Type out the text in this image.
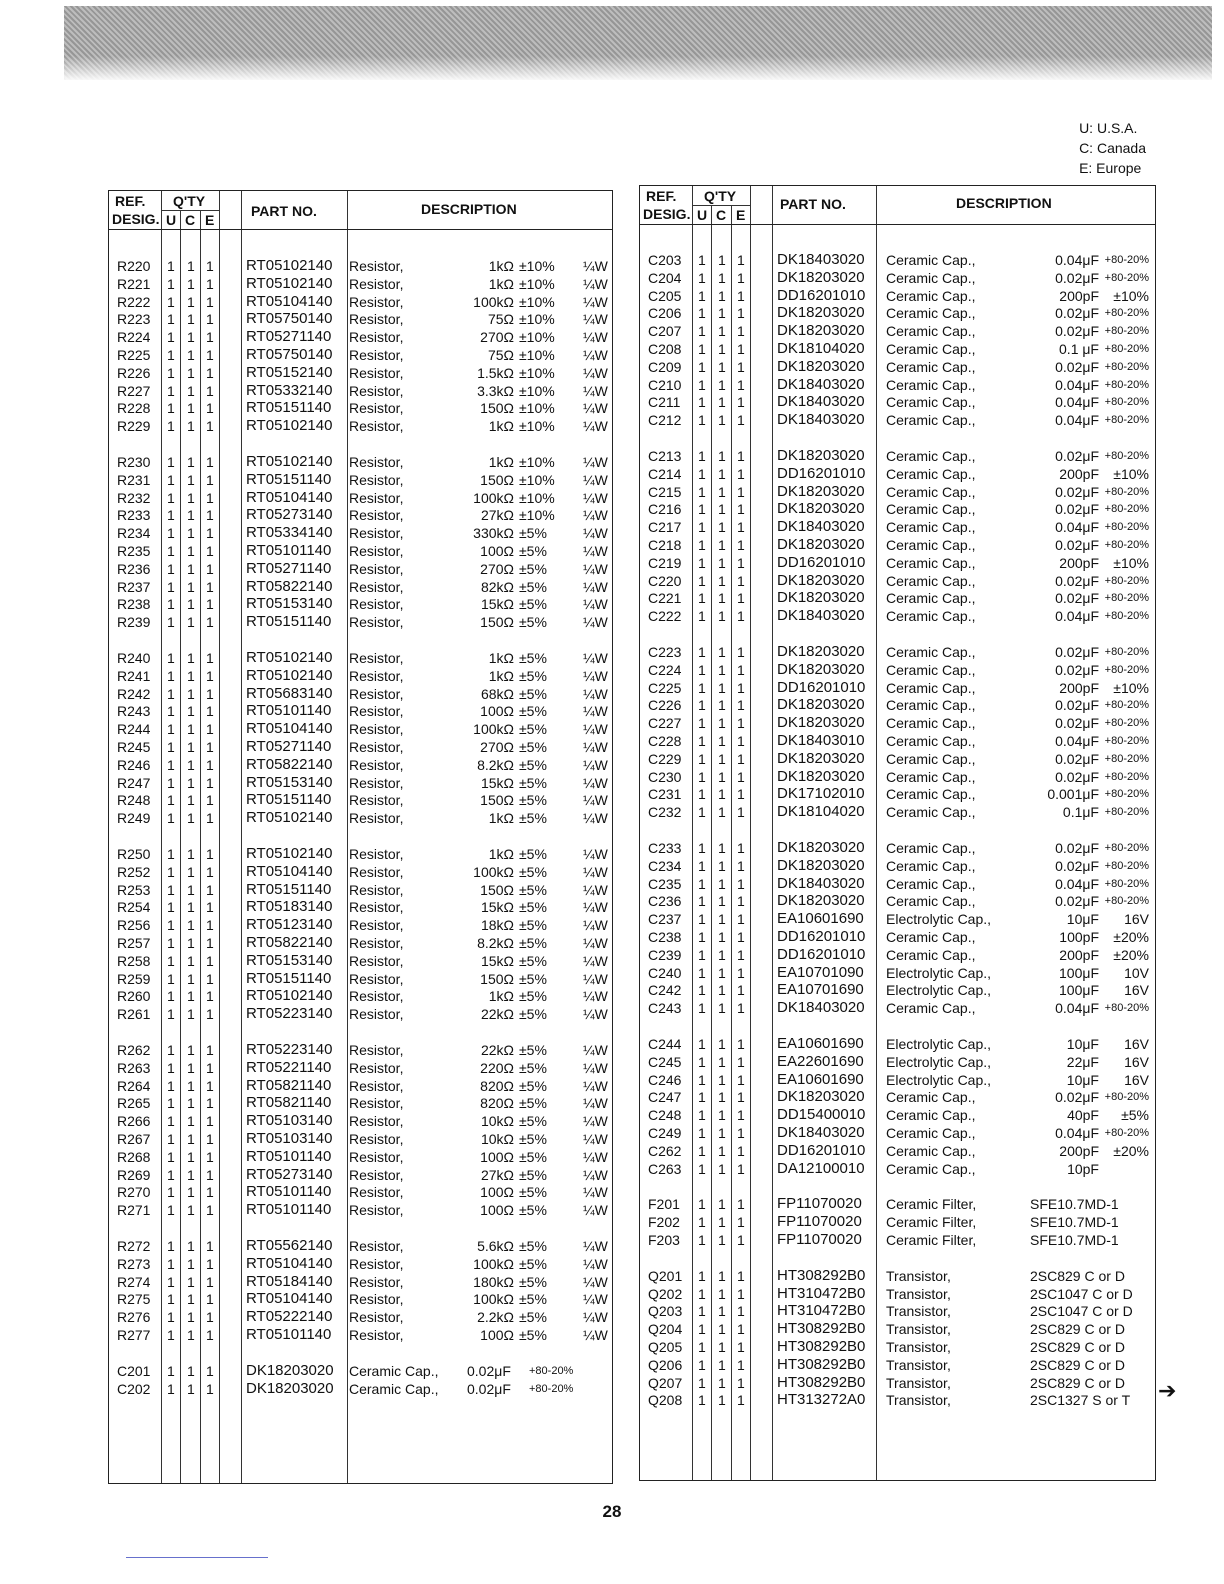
U: U.S.A.
C: Canada
E: Europe
REF.
DESIG.
Q'TY
U C E
PART NO.	DESCRIPTION
R220 1 1 1 RT05102140 Resistor,	1kΩ ±10% ¼W
R221 1 1 1 RT05102140 Resistor,	1kΩ ±10% ¼W
R222 1 1 1 RT05104140 Resistor,	100kΩ ±10% ¼W
R223 1 1 1 RT05750140 Resistor,	75Ω ±10% ¼W
R224 1 1 1 RT05271140 Resistor,	270Ω ±10% ¼W
R225 1 1 1 RT05750140 Resistor,	75Ω ±10% ¼W
R226 1 1 1 RT05152140 Resistor,	1.5kΩ ±10% ¼W
R227 1 1 1 RT05332140 Resistor,	3.3kΩ ±10% ¼W
R228 1 1 1 RT05151140 Resistor,	150Ω ±10% ¼W
R229 1 1 1 RT05102140 Resistor,	1kΩ ±10% ¼W
R230 1 1 1 RT05102140 Resistor,	1kΩ ±10% ¼W
R231 1 1 1 RT05151140 Resistor,	150Ω ±10% ¼W
R232 1 1 1 RT05104140 Resistor,	100kΩ ±10% ¼W
R233 1 1 1 RT05273140 Resistor,	27kΩ ±10% ¼W
R234 1 1 1 RT05334140 Resistor,	330kΩ ±5%	¼W
R235 1 1 1 RT05101140 Resistor,	100Ω ±5%	¼W
R236 1 1 1 RT05271140 Resistor,	270Ω ±5%	¼W
R237 1 1 1 RT05822140 Resistor,	82kΩ ±5%	¼W
R238 1 1 1 RT05153140 Resistor,	15kΩ ±5%	¼W
R239 1 1 1 RT05151140 Resistor,	150Ω ±5%	¼W
R240 1 1 1 RT05102140 Resistor,	1kΩ ±5%	¼W
R241 1 1 1 RT05102140 Resistor,	1kΩ ±5%	¼W
R242 1 1 1 RT05683140 Resistor,	68kΩ ±5%	¼W
R243 1 1 1 RT05101140 Resistor,	100Ω ±5%	¼W
R244 1 1 1 RT05104140 Resistor,	100kΩ ±5%	¼W
R245 1 1 1 RT05271140 Resistor,	270Ω ±5%	¼W
R246 1 1 1 RT05822140 Resistor,	8.2kΩ ±5%	¼W
R247 1 1 1 RT05153140 Resistor,	15kΩ ±5%	¼W
R248 1 1 1 RT05151140 Resistor,	150Ω ±5%	¼W
R249 1 1 1 RT05102140 Resistor,	1kΩ ±5%	¼W
R250 1 1 1 RT05102140 Resistor,	1kΩ ±5%	¼W
R252 1 1 1 RT05104140 Resistor,	100kΩ ±5%	¼W
R253 1 1 1 RT05151140 Resistor,	150Ω ±5%	¼W
R254 1 1 1 RT05183140 Resistor,	15kΩ ±5%	¼W
R256 1 1 1 RT05123140 Resistor,	18kΩ ±5%	¼W
R257 1 1 1 RT05822140 Resistor,	8.2kΩ ±5%	¼W
R258 1 1 1 RT05153140 Resistor,	15kΩ ±5%	¼W
R259 1 1 1 RT05151140 Resistor,	150Ω ±5%	¼W
R260 1 1 1 RT05102140 Resistor,	1kΩ ±5%	¼W
R261 1 1 1 RT05223140 Resistor,	22kΩ ±5%	¼W
R262 1 1 1 RT05223140 Resistor,	22kΩ ±5%	¼W
R263 1 1 1 RT05221140 Resistor,	220Ω ±5%	¼W
R264 1 1 1 RT05821140 Resistor,	820Ω ±5%	¼W
R265 1 1 1 RT05821140 Resistor,	820Ω ±5%	¼W
R266 1 1 1 RT05103140 Resistor,	10kΩ ±5%	¼W
R267 1 1 1 RT05103140 Resistor,	10kΩ ±5%	¼W
R268 1 1 1 RT05101140 Resistor,	100Ω ±5%	¼W
R269 1 1 1 RT05273140 Resistor,	27kΩ ±5%	¼W
R270 1 1 1 RT05101140 Resistor,	100Ω ±5%	¼W
R271 1 1 1 RT05101140 Resistor,	100Ω ±5%	¼W
R272 1 1 1 RT05562140 Resistor,	5.6kΩ ±5%	¼W
R273 1 1 1 RT05104140 Resistor,	100kΩ ±5%	¼W
R274 1 1 1 RT05184140 Resistor,	180kΩ ±5%	¼W
R275 1 1 1 RT05104140 Resistor,	100kΩ ±5%	¼W
R276 1 1 1 RT05222140 Resistor,	2.2kΩ ±5%	¼W
R277 1 1 1 RT05101140 Resistor,	100Ω ±5%	¼W
C201 1 1 1 DK18203020 Ceramic Cap., 0.02μF +80-20%
C202 1 1 1 DK18203020 Ceramic Cap., 0.02μF +80-20%
REF.
DESIG.
Q'TY
U C E
PART NO.	DESCRIPTION
C203 1 1 1 DK18403020 Ceramic Cap.,	0.04μF +80-20%
C204 1 1 1 DK18203020 Ceramic Cap.,	0.02μF +80-20%
C205 1 1 1 DD16201010 Ceramic Cap.,	200pF ±10%
C206 1 1 1 DK18203020 Ceramic Cap.,	0.02μF +80-20%
C207 1 1 1 DK18203020 Ceramic Cap.,	0.02μF +80-20%
C208 1 1 1 DK18104020 Ceramic Cap.,	0.1 μF +80-20%
C209 1 1 1 DK18203020 Ceramic Cap.,	0.02μF +80-20%
C210 1 1 1 DK18403020 Ceramic Cap.,	0.04μF +80-20%
C211 1 1 1 DK18403020 Ceramic Cap.,	0.04μF +80-20%
C212 1 1 1 DK18403020 Ceramic Cap.,	0.04μF +80-20%
C213 1 1 1 DK18203020 Ceramic Cap.,	0.02μF +80-20%
C214 1 1 1 DD16201010 Ceramic Cap.,	200pF ±10%
C215 1 1 1 DK18203020 Ceramic Cap.,	0.02μF +80-20%
C216 1 1 1 DK18203020 Ceramic Cap.,	0.02μF +80-20%
C217 1 1 1 DK18403020 Ceramic Cap.,	0.04μF +80-20%
C218 1 1 1 DK18203020 Ceramic Cap.,	0.02μF +80-20%
C219 1 1 1 DD16201010 Ceramic Cap.,	200pF ±10%
C220 1 1 1 DK18203020 Ceramic Cap.,	0.02μF +80-20%
C221 1 1 1 DK18203020 Ceramic Cap.,	0.02μF +80-20%
C222 1 1 1 DK18403020 Ceramic Cap.,	0.04μF +80-20%
C223 1 1 1 DK18203020 Ceramic Cap.,	0.02μF +80-20%
C224 1 1 1 DK18203020 Ceramic Cap.,	0.02μF +80-20%
C225 1 1 1 DD16201010 Ceramic Cap.,	200pF ±10%
C226 1 1 1 DK18203020 Ceramic Cap.,	0.02μF +80-20%
C227 1 1 1 DK18203020 Ceramic Cap.,	0.02μF +80-20%
C228 1 1 1 DK18403010 Ceramic Cap.,	0.04μF +80-20%
C229 1 1 1 DK18203020 Ceramic Cap.,	0.02μF +80-20%
C230 1 1 1 DK18203020 Ceramic Cap.,	0.02μF +80-20%
C231 1 1 1 DK17102010 Ceramic Cap.,	0.001μF +80-20%
C232 1 1 1 DK18104020 Ceramic Cap.,	0.1μF +80-20%
C233 1 1 1 DK18203020 Ceramic Cap.,	0.02μF +80-20%
C234 1 1 1 DK18203020 Ceramic Cap.,	0.02μF +80-20%
C235 1 1 1 DK18403020 Ceramic Cap.,	0.04μF +80-20%
C236 1 1 1 DK18203020 Ceramic Cap.,	0.02μF +80-20%
C237 1 1 1 EA10601690 Electrolytic Cap.,	10μF 16V
C238 1 1 1 DD16201010 Ceramic Cap.,	100pF ±20%
C239 1 1 1 DD16201010 Ceramic Cap.,	200pF ±20%
C240 1 1 1 EA10701090 Electrolytic Cap.,	100μF 10V
C242 1 1 1 EA10701690 Electrolytic Cap.,	100μF 16V
C243 1 1 1 DK18403020 Ceramic Cap.,	0.04μF +80-20%
C244 1 1 1 EA10601690 Electrolytic Cap.,	10μF 16V
C245 1 1 1 EA22601690 Electrolytic Cap.,	22μF 16V
C246 1 1 1 EA10601690 Electrolytic Cap.,	10μF 16V
C247 1 1 1 DK18203020 Ceramic Cap.,	0.02μF +80-20%
C248 1 1 1 DD15400010 Ceramic Cap.,	40pF ±5%
C249 1 1 1 DK18403020 Ceramic Cap.,	0.04μF +80-20%
C262 1 1 1 DD16201010 Ceramic Cap.,	200pF ±20%
C263 1 1 1 DA12100010 Ceramic Cap.,	10pF
F201 1 1 1 FP11070020 Ceramic Filter,	SFE10.7MD-1
F202 1 1 1 FP11070020 Ceramic Filter,	SFE10.7MD-1
F203 1 1 1 FP11070020 Ceramic Filter,	SFE10.7MD-1
Q201 1 1 1 HT308292B0 Transistor,	2SC829 C or D
Q202 1 1 1 HT310472B0 Transistor,	2SC1047 C or D
Q203 1 1 1 HT310472B0 Transistor,	2SC1047 C or D
Q204 1 1 1 HT308292B0 Transistor,	2SC829 C or D
Q205 1 1 1 HT308292B0 Transistor,	2SC829 C or D
Q206 1 1 1 HT308292B0 Transistor,	2SC829 C or D
Q207 1 1 1 HT308292B0 Transistor,	2SC829 C or D
Q208 1 1 1 HT313272A0 Transistor,	2SC1327 S or T
28
➔
